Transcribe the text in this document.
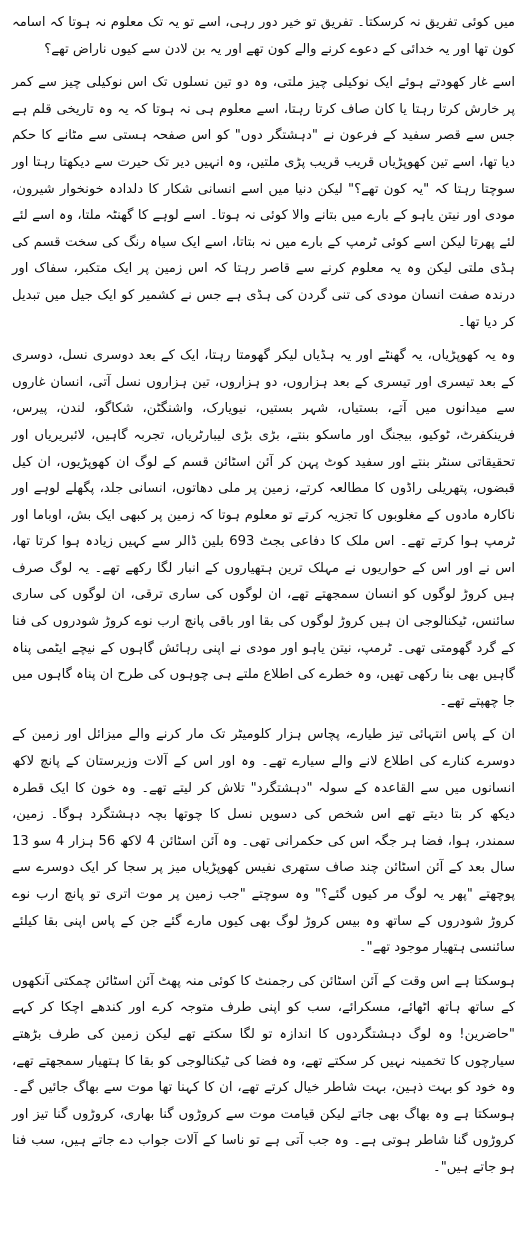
میں کوئی تفریق نہ کرسکتا۔ تفریق تو خیر دور رہی، اسے تو یہ تک معلوم نہ ہوتا کہ اسامہ کون تھا اور یہ خدائی کے دعوے کرنے والے کون تھے اور یہ بن لادن سے کیوں ناراض تھے؟

اسے غار کھودتے ہوئے ایک نوکیلی چیز ملتی، وہ دو تین نسلوں تک اس نوکیلی چیز سے کمر پر خارش کرتا رہتا یا کان صاف کرتا رہتا، اسے معلوم ہی نہ ہوتا کہ یہ وہ تاریخی قلم ہے جس سے قصر سفید کے فرعون نے "دہشتگر دوں" کو اس صفحہ ہستی سے مٹانے کا حکم دیا تھا، اسے تین کھوپڑیاں قریب قریب پڑی ملتیں، وہ انہیں دیر تک حیرت سے دیکھتا رہتا اور سوچتا رہتا کہ "یہ کون تھے؟" لیکن دنیا میں اسے انسانی شکار کا دلدادہ خونخوار شیرون، مودی اور نیتن یاہو کے بارے میں بتانے والا کوئی نہ ہوتا۔ اسے لوہے کا گھنٹہ ملتا، وہ اسے لئے لئے پھرتا لیکن اسے کوئی ٹرمپ کے بارے میں نہ بتاتا، اسے ایک سیاہ رنگ کی سخت قسم کی ہڈی ملتی لیکن وہ یہ معلوم کرنے سے قاصر رہتا کہ اس زمین پر ایک متکبر، سفاک اور درندہ صفت انسان مودی کی تنی گردن کی ہڈی ہے جس نے کشمیر کو ایک جیل میں تبدیل کر دیا تھا۔

وہ یہ کھوپڑیاں، یہ گھنٹے اور یہ ہڈیاں لیکر گھومتا رہتا، ایک کے بعد دوسری نسل، دوسری کے بعد تیسری اور تیسری کے بعد ہزاروں، دو ہزاروں، تین ہزاروں نسل آتی، انسان غاروں سے میدانوں میں آتے، بستیاں، شہر بستیں، نیویارک، واشنگٹن، شکاگو، لندن، پیرس، فرینکفرٹ، ٹوکیو، بیجنگ اور ماسکو بنتے، بڑی بڑی لیبارٹریاں، تجربہ گاہیں، لائبریریاں اور تحقیقاتی سنٹر بنتے اور سفید کوٹ پہن کر آئن اسٹائن قسم کے لوگ ان کھوپڑیوں، ان کیل قبضوں، پتھریلی راڈوں کا مطالعہ کرتے، زمین پر ملی دھاتوں، انسانی جلد، پگھلے لوہے اور ناکارہ مادوں کے مغلوبوں کا تجزیہ کرتے تو معلوم ہوتا کہ زمین پر کبھی ایک بش، اوباما اور ٹرمپ ہوا کرتے تھے۔ اس ملک کا دفاعی بجٹ 693 بلین ڈالر سے کہیں زیادہ ہوا کرتا تھا، اس نے اور اس کے حواریوں نے مہلک ترین ہتھیاروں کے انبار لگا رکھے تھے۔ یہ لوگ صرف ہیں کروڑ لوگوں کو انسان سمجھتے تھے، ان لوگوں کی ساری ترقی، ان لوگوں کی ساری سائنس، ٹیکنالوجی ان ہیں کروڑ لوگوں کی بقا اور باقی پانچ ارب نوے کروڑ شودروں کی فنا کے گرد گھومتی تھی۔ ٹرمپ، نیتن یاہو اور مودی نے اپنی رہائش گاہوں کے نیچے ایٹمی پناہ گاہیں بھی بنا رکھی تھیں، وہ خطرے کی اطلاع ملتے ہی چوہوں کی طرح ان پناہ گاہوں میں جا چھپتے تھے۔

ان کے پاس انتہائی تیز طیارے، پچاس ہزار کلومیٹر تک مار کرنے والے میزائل اور زمین کے دوسرے کنارے کی اطلاع لانے والے سیارے تھے۔ وہ اور اس کے آلات وزیرستان کے پانچ لاکھ انسانوں میں سے القاعدہ کے سولہ "دہشتگرد" تلاش کر لیتے تھے۔ وہ خون کا ایک قطرہ دیکھ کر بتا دیتے تھے اس شخص کی دسویں نسل کا چوتھا بچہ دہشتگرد ہوگا۔ زمین، سمندر، ہوا، فضا ہر جگہ اس کی حکمرانی تھی۔ وہ آئن اسٹائن 4 لاکھ 56 ہزار 4 سو 13 سال بعد کے آئن اسٹائن چند صاف ستھری نفیس کھوپڑیاں میز پر سجا کر ایک دوسرے سے پوچھتے "پھر یہ لوگ مر کیوں گئے؟" وہ سوچتے "جب زمین پر موت اتری تو پانچ ارب نوے کروڑ شودروں کے ساتھ وہ بیس کروڑ لوگ بھی کیوں مارے گئے جن کے پاس اپنی بقا کیلئے سائنسی ہتھیار موجود تھے"۔

ہوسکتا ہے اس وقت کے آئن اسٹائن کی رجمنٹ کا کوئی منہ پھٹ آئن اسٹائن چمکتی آنکھوں کے ساتھ ہاتھ اٹھائے، مسکرائے، سب کو اپنی طرف متوجہ کرے اور کندھے اچکا کر کہے "حاضرین! وہ لوگ دہشتگردوں کا اندازہ تو لگا سکتے تھے لیکن زمین کی طرف بڑھتے سیارچوں کا تخمینہ نہیں کر سکتے تھے، وہ فضا کی ٹیکنالوجی کو بقا کا ہتھیار سمجھتے تھے، وہ خود کو بہت ذہین، بہت شاطر خیال کرتے تھے، ان کا کہنا تھا موت سے بھاگ جائیں گے۔ ہوسکتا ہے وہ بھاگ بھی جاتے لیکن قیامت موت سے کروڑوں گنا بھاری، کروڑوں گنا تیز اور کروڑوں گنا شاطر ہوتی ہے۔ وہ جب آتی ہے تو ناسا کے آلات جواب دے جاتے ہیں، سب فنا ہو جاتے ہیں"۔
